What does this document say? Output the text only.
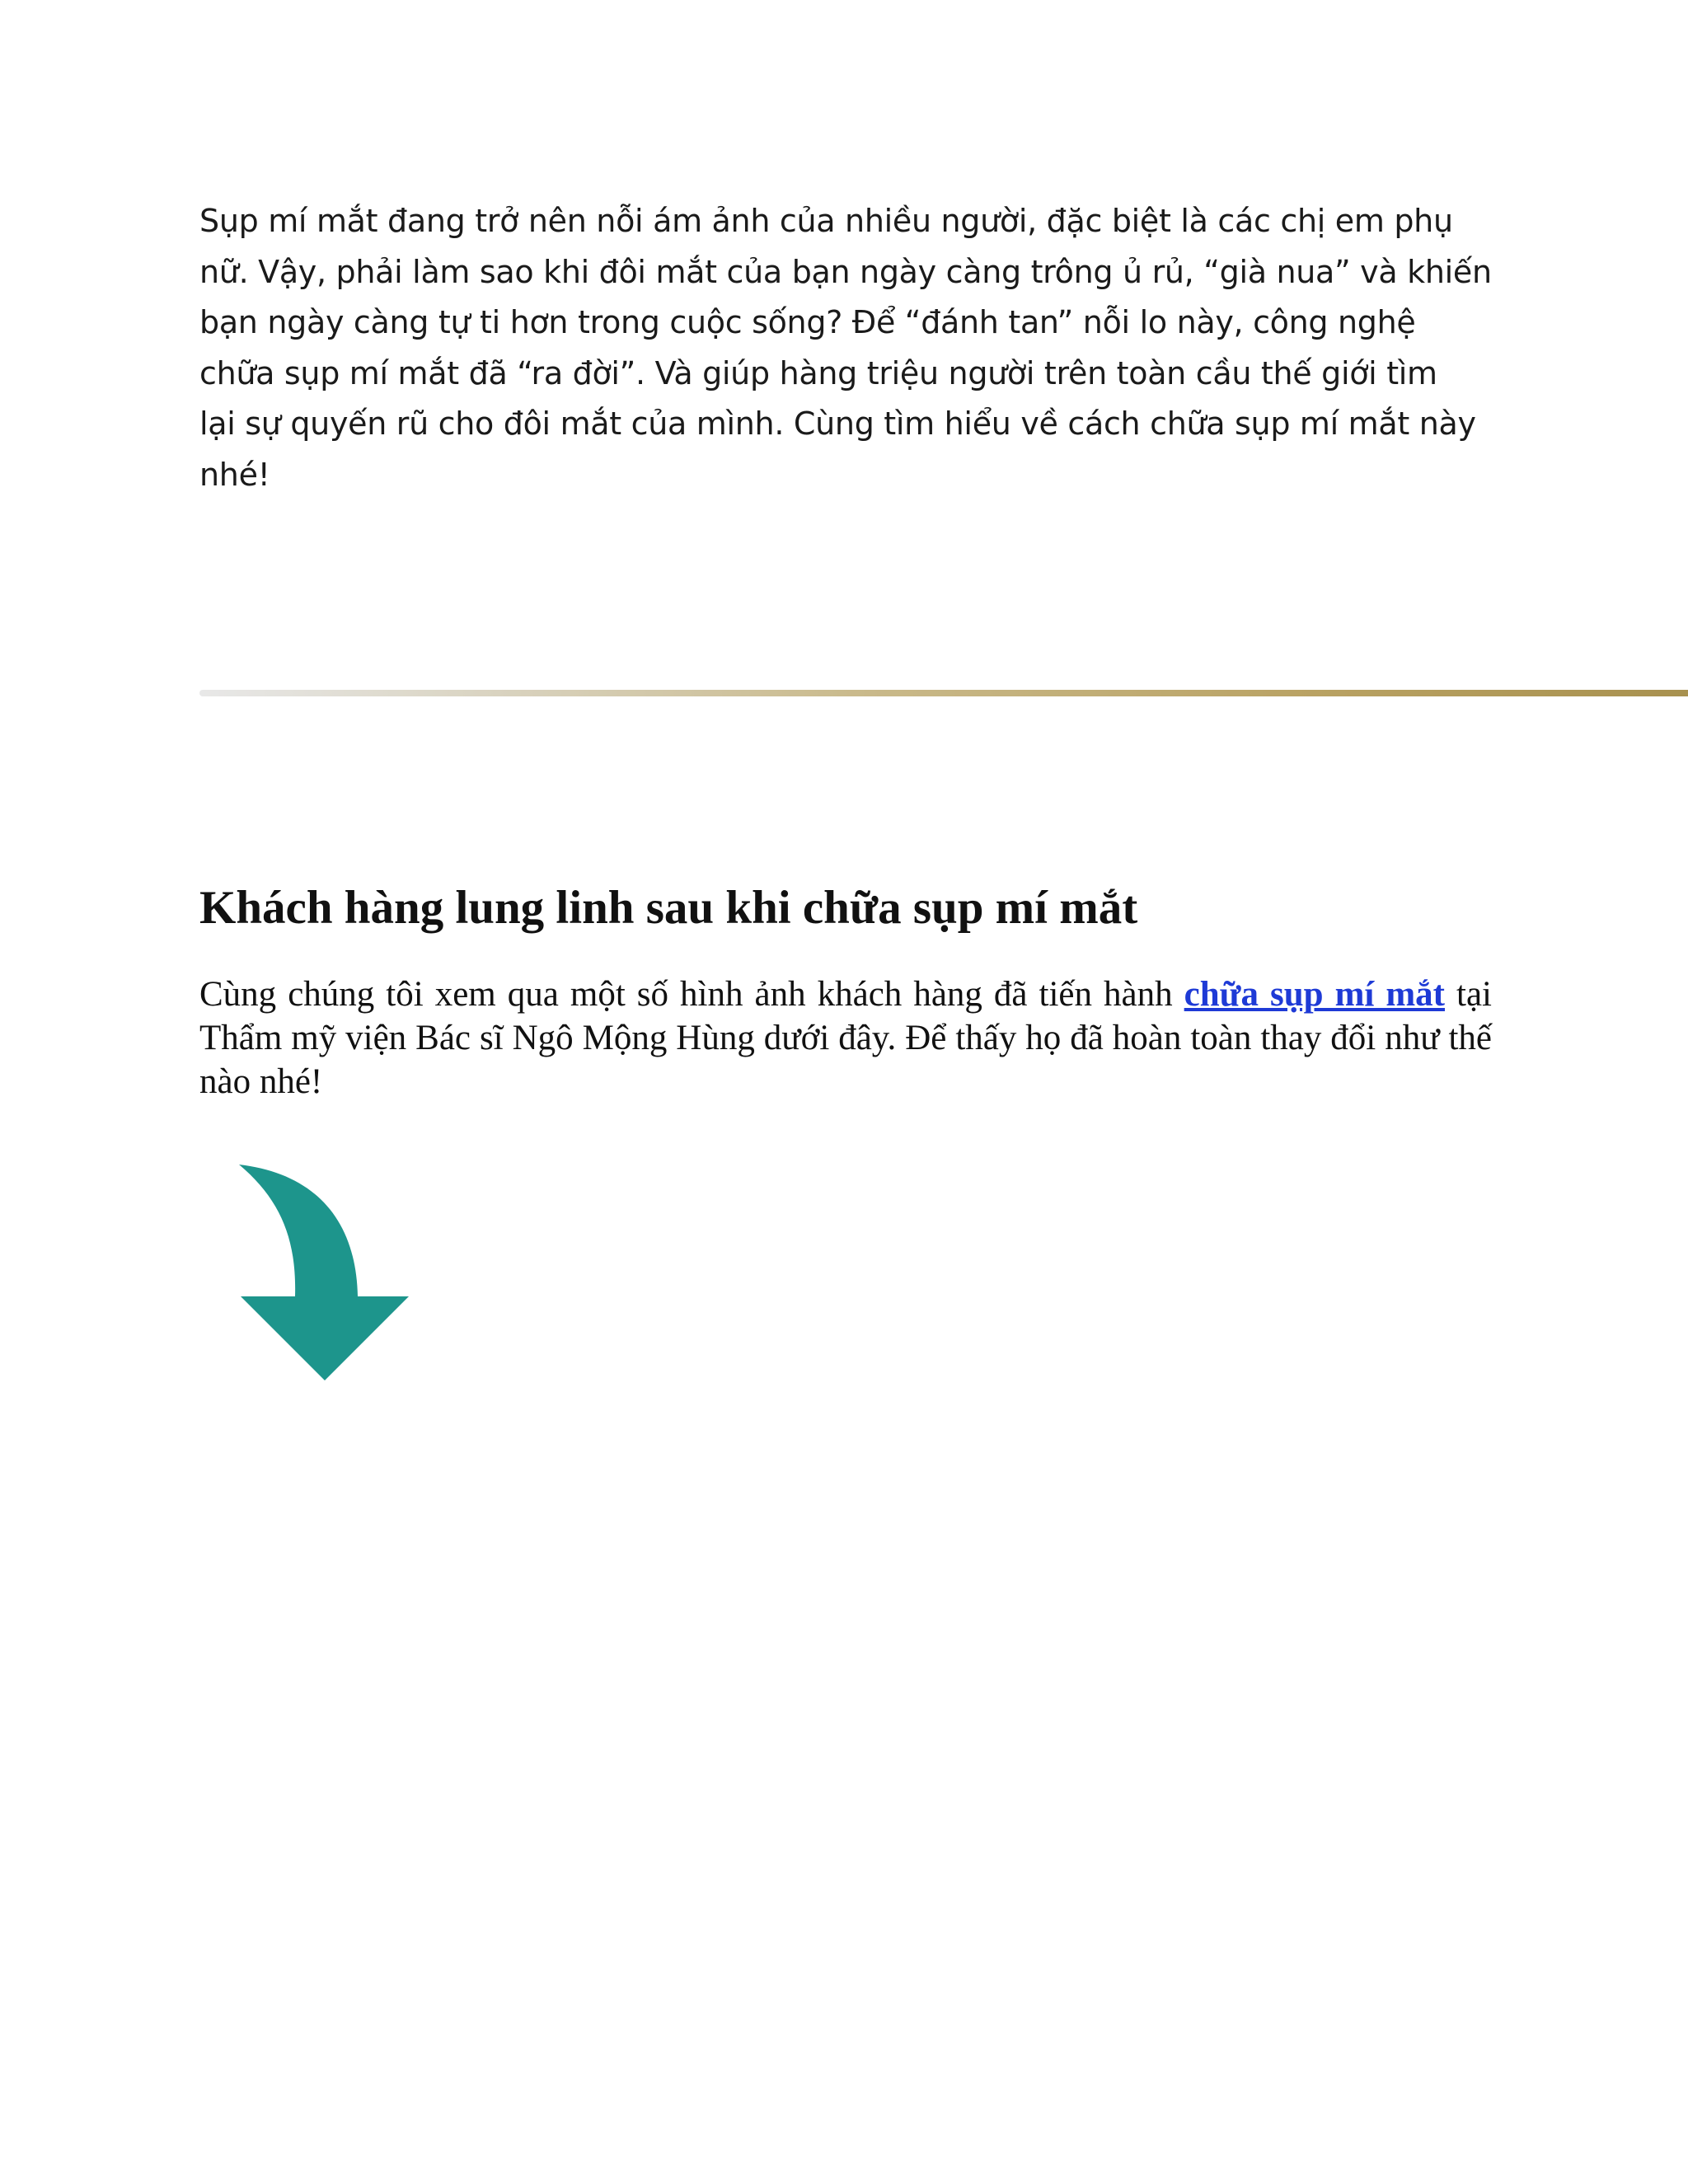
Sụp mí mắt đang trở nên nỗi ám ảnh của nhiều người, đặc biệt là các chị em phụ
nữ. Vậy, phải làm sao khi đôi mắt của bạn ngày càng trông ủ rủ, “già nua” và khiến
bạn ngày càng tự ti hơn trong cuộc sống? Để “đánh tan” nỗi lo này, công nghệ
chữa sụp mí mắt đã “ra đời”. Và giúp hàng triệu người trên toàn cầu thế giới tìm
lại sự quyến rũ cho đôi mắt của mình. Cùng tìm hiểu về cách chữa sụp mí mắt này
nhé!

Khách hàng lung linh sau khi chữa sụp mí mắt

Cùng chúng tôi xem qua một số hình ảnh khách hàng đã tiến hành chữa sụp mí mắt tại Thẩm mỹ viện Bác sĩ Ngô Mộng Hùng dưới đây. Để thấy họ đã hoàn toàn thay đổi như thế nào nhé!
